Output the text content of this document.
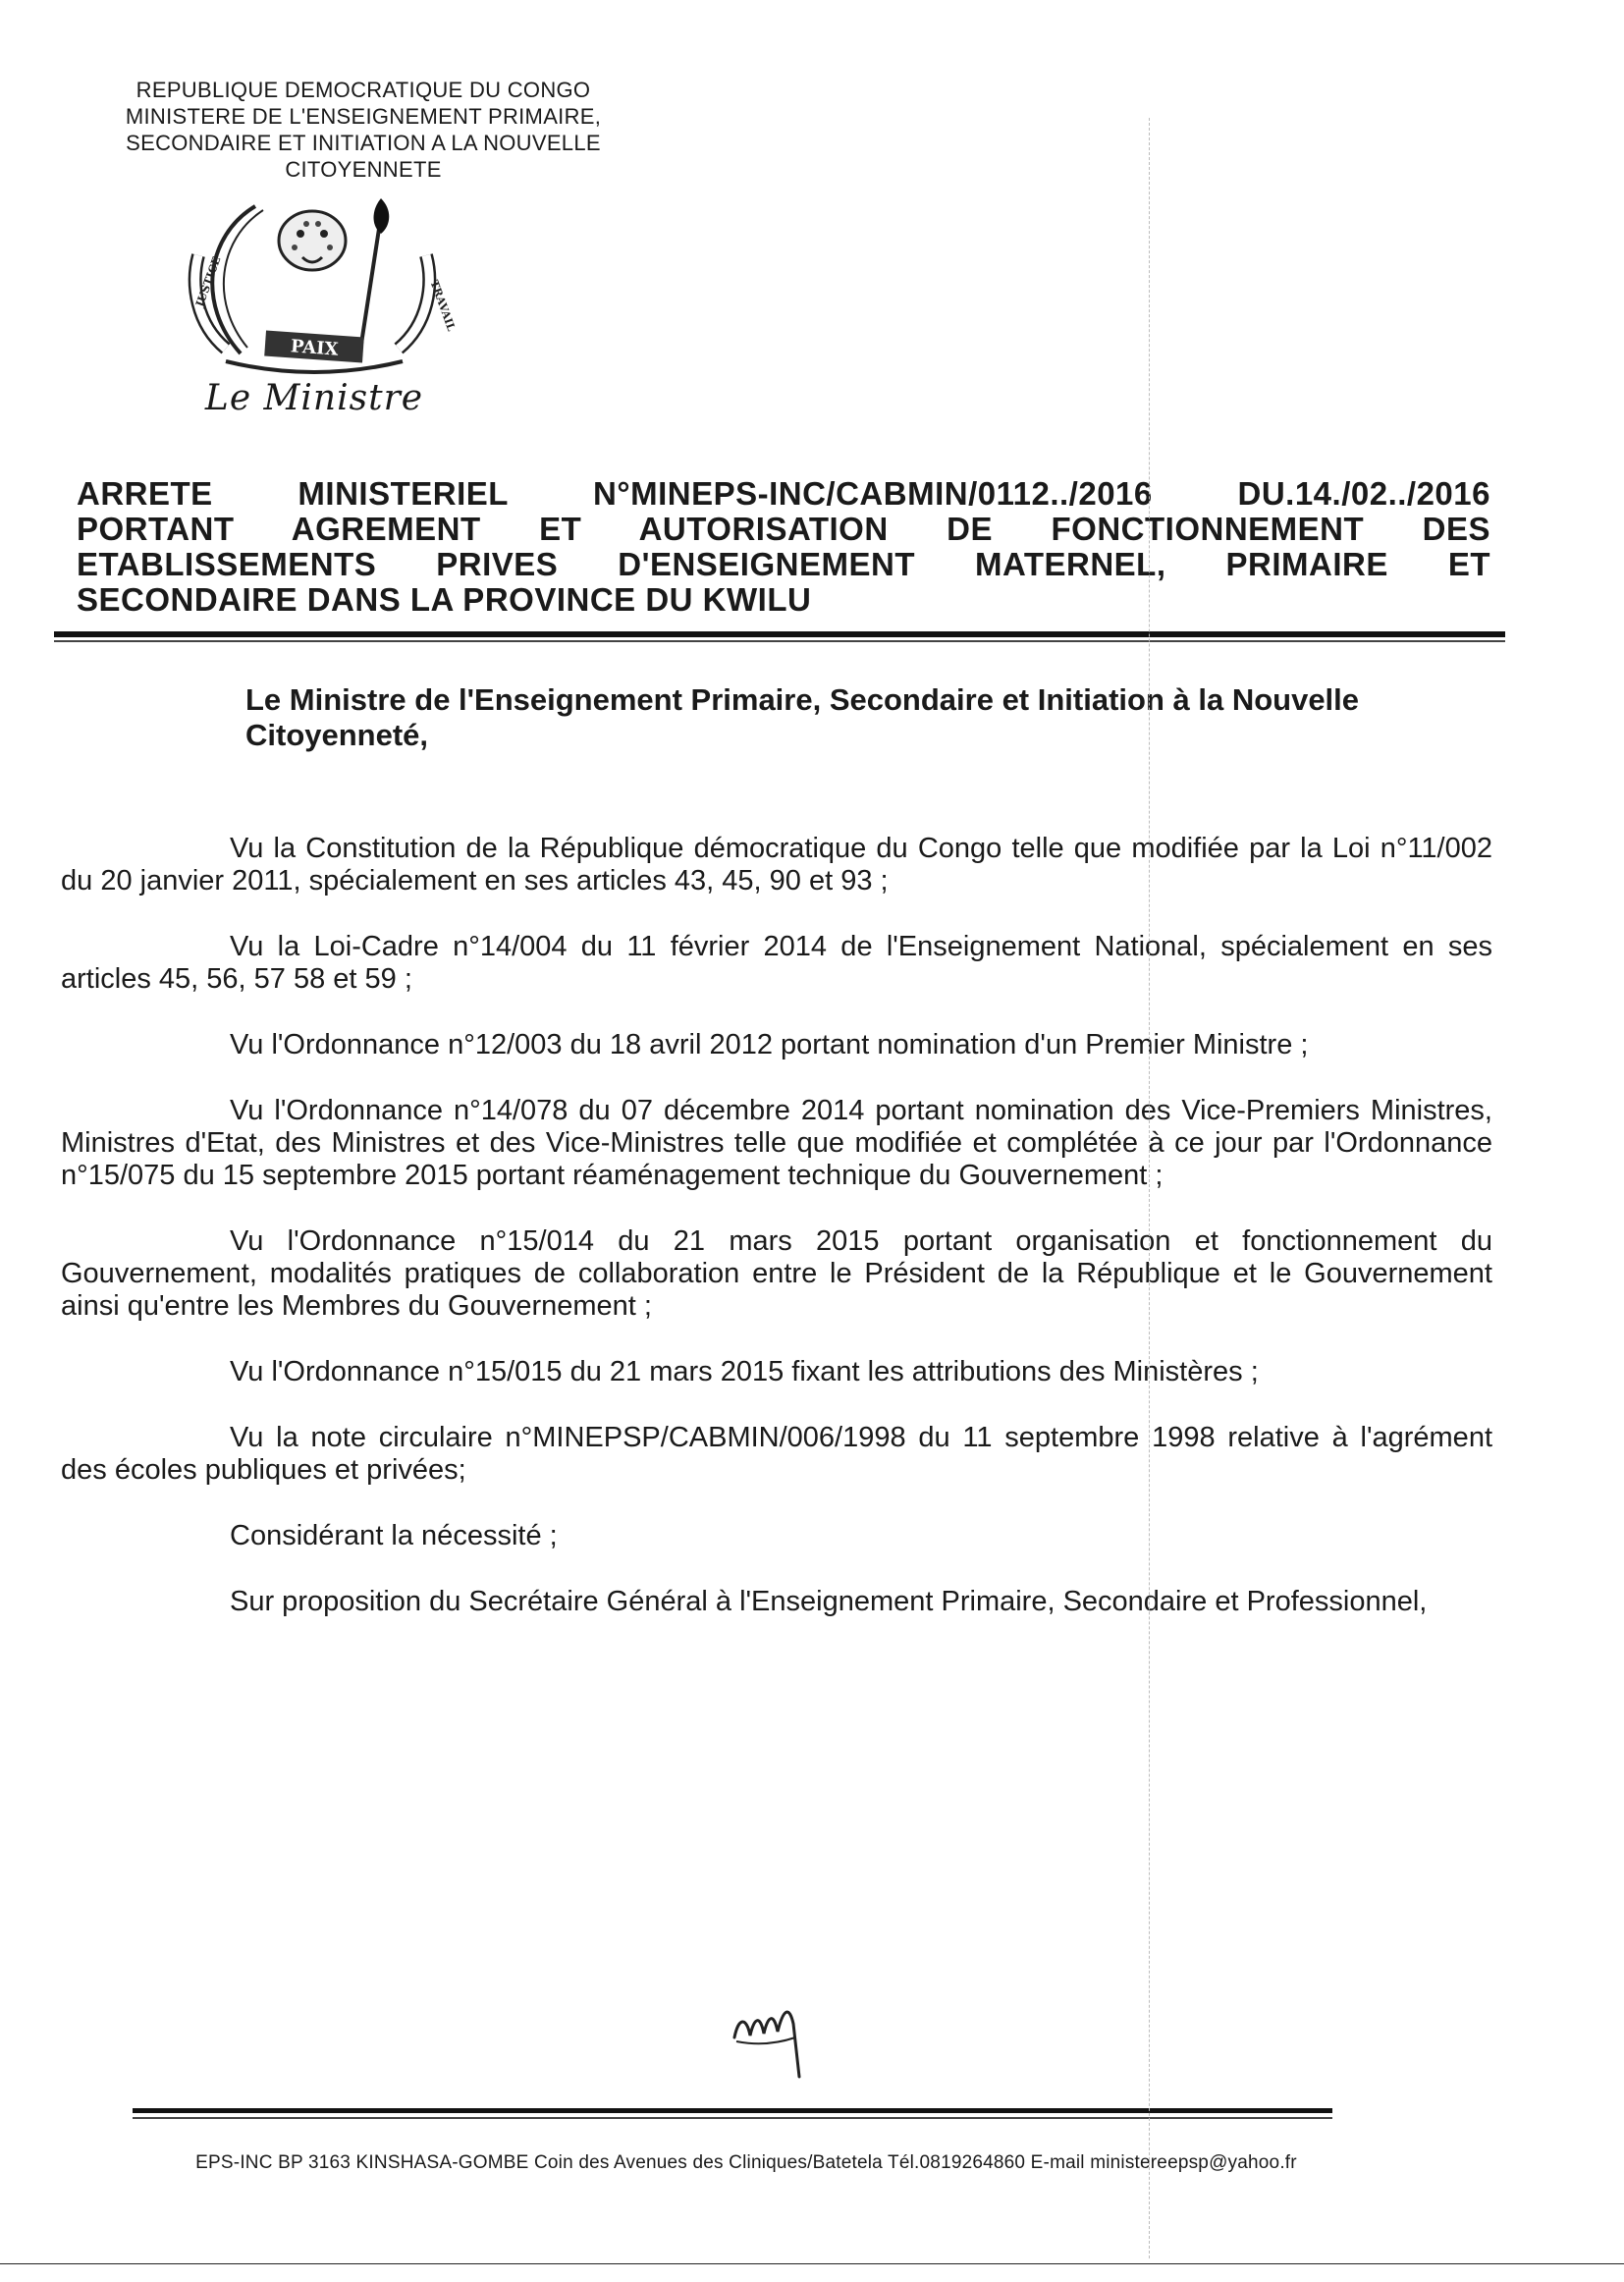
REPUBLIQUE DEMOCRATIQUE DU CONGO
MINISTERE DE L'ENSEIGNEMENT PRIMAIRE,
SECONDAIRE ET INITIATION A LA NOUVELLE
CITOYENNETE
JUSTICE	TRAVAIL
PAIX
Le Ministre
ARRETE MINISTERIEL N°MINEPS-INC/CABMIN/0112../2016 DU.14./02../2016
PORTANT AGREMENT ET AUTORISATION DE FONCTIONNEMENT DES
ETABLISSEMENTS PRIVES D'ENSEIGNEMENT MATERNEL, PRIMAIRE ET
SECONDAIRE DANS LA PROVINCE DU KWILU
Le Ministre de l'Enseignement Primaire, Secondaire et Initiation à la Nouvelle Citoyenneté,

Vu la Constitution de la République démocratique du Congo telle que modifiée par la Loi n°11/002 du 20 janvier 2011, spécialement en ses articles 43, 45, 90 et 93 ;

Vu la Loi-Cadre n°14/004 du 11 février 2014 de l'Enseignement National, spécialement en ses articles 45, 56, 57 58 et 59 ;

Vu l'Ordonnance n°12/003 du 18 avril 2012 portant nomination d'un Premier Ministre ;

Vu l'Ordonnance n°14/078 du 07 décembre 2014 portant nomination des Vice-Premiers Ministres, Ministres d'Etat, des Ministres et des Vice-Ministres telle que modifiée et complétée à ce jour par l'Ordonnance n°15/075 du 15 septembre 2015 portant réaménagement technique du Gouvernement ;

Vu l'Ordonnance n°15/014 du 21 mars 2015 portant organisation et fonctionnement du Gouvernement, modalités pratiques de collaboration entre le Président de la République et le Gouvernement ainsi qu'entre les Membres du Gouvernement ;

Vu l'Ordonnance n°15/015 du 21 mars 2015 fixant les attributions des Ministères ;

Vu la note circulaire n°MINEPSP/CABMIN/006/1998 du 11 septembre 1998 relative à l'agrément des écoles publiques et privées;

Considérant la nécessité ;

Sur proposition du Secrétaire Général à l'Enseignement Primaire, Secondaire et Professionnel,

EPS-INC BP 3163 KINSHASA-GOMBE Coin des Avenues des Cliniques/Batetela Tél.0819264860 E-mail ministereepsp@yahoo.fr
